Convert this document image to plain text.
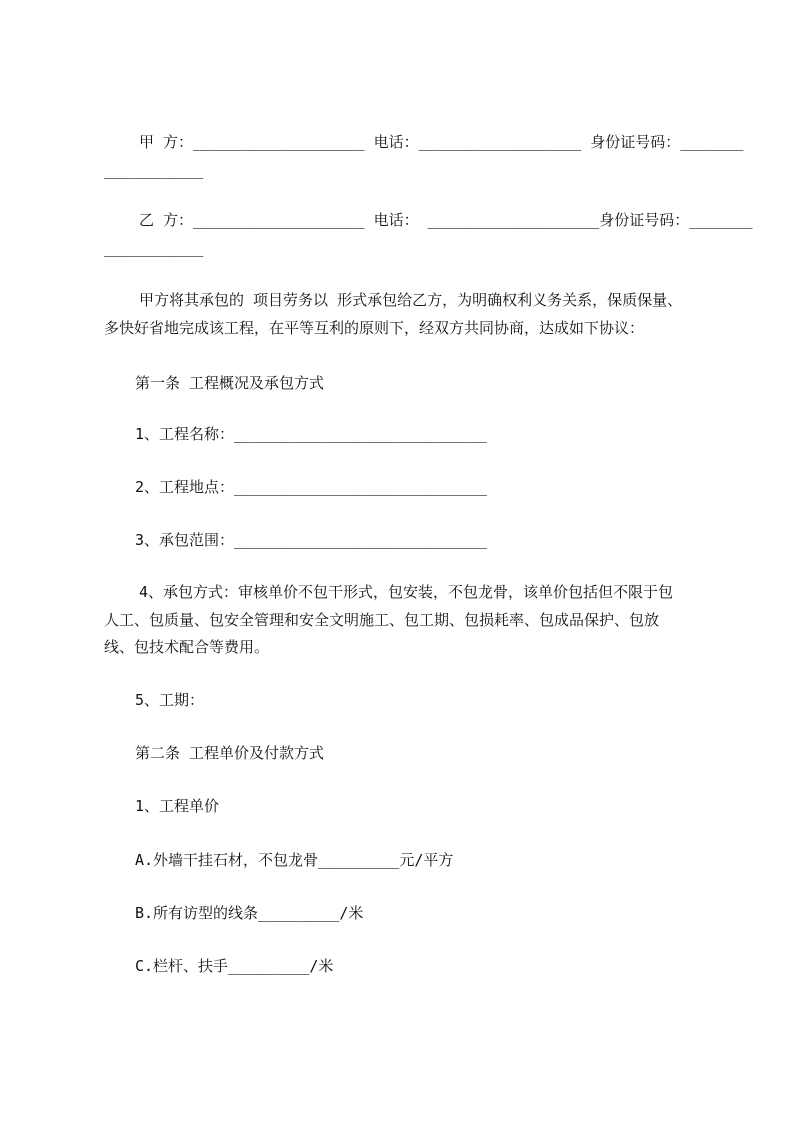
甲 方：___________________ 电话：__________________ 身份证号码：_______
___________
乙 方：___________________ 电话： ___________________身份证号码：_______
___________
甲方将其承包的 项目劳务以 形式承包给乙方，为明确权利义务关系，保质保量、
多快好省地完成该工程，在平等互利的原则下，经双方共同协商，达成如下协议：
第一条 工程概况及承包方式
1、工程名称：____________________________
2、工程地点：____________________________
3、承包范围：____________________________
4、承包方式：审核单价不包干形式，包安装，不包龙骨，该单价包括但不限于包
人工、包质量、包安全管理和安全文明施工、包工期、包损耗率、包成品保护、包放
线、包技术配合等费用。
5、工期：
第二条 工程单价及付款方式
1、工程单价
A.外墙干挂石材，不包龙骨_________元/平方
B.所有访型的线条_________/米
C.栏杆、扶手_________/米
